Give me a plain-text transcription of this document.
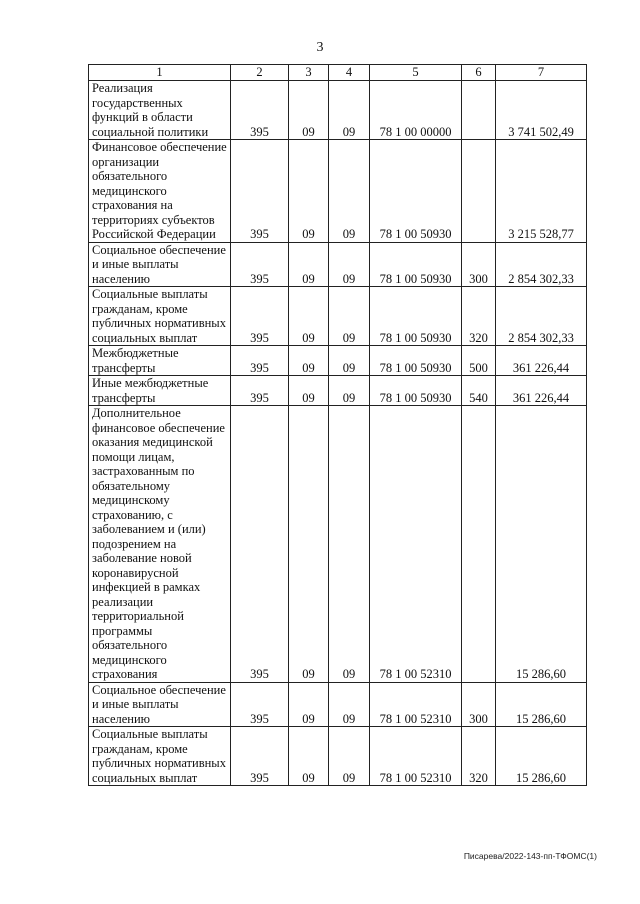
3
1	2	3	4	5	6	7
Реализация государственных функций в области социальной политики	395	09	09	78 1 00 00000		3 741 502,49
Финансовое обеспечение организации обязательного медицинского страхования на территориях субъектов Российской Федерации	395	09	09	78 1 00 50930		3 215 528,77
Социальное обеспечение и иные выплаты населению	395	09	09	78 1 00 50930	300	2 854 302,33
Социальные выплаты гражданам, кроме публичных нормативных социальных выплат	395	09	09	78 1 00 50930	320	2 854 302,33
Межбюджетные трансферты	395	09	09	78 1 00 50930	500	361 226,44
Иные межбюджетные трансферты	395	09	09	78 1 00 50930	540	361 226,44
Дополнительное финансовое обеспечение оказания медицинской помощи лицам, застрахованным по обязательному медицинскому страхованию, с заболеванием и (или) подозрением на заболевание новой коронавирусной инфекцией в рамках реализации территориальной программы обязательного медицинского страхования	395	09	09	78 1 00 52310		15 286,60
Социальное обеспечение и иные выплаты населению	395	09	09	78 1 00 52310	300	15 286,60
Социальные выплаты гражданам, кроме публичных нормативных социальных выплат	395	09	09	78 1 00 52310	320	15 286,60
Писарева/2022-143-пп-ТФОМС(1)
